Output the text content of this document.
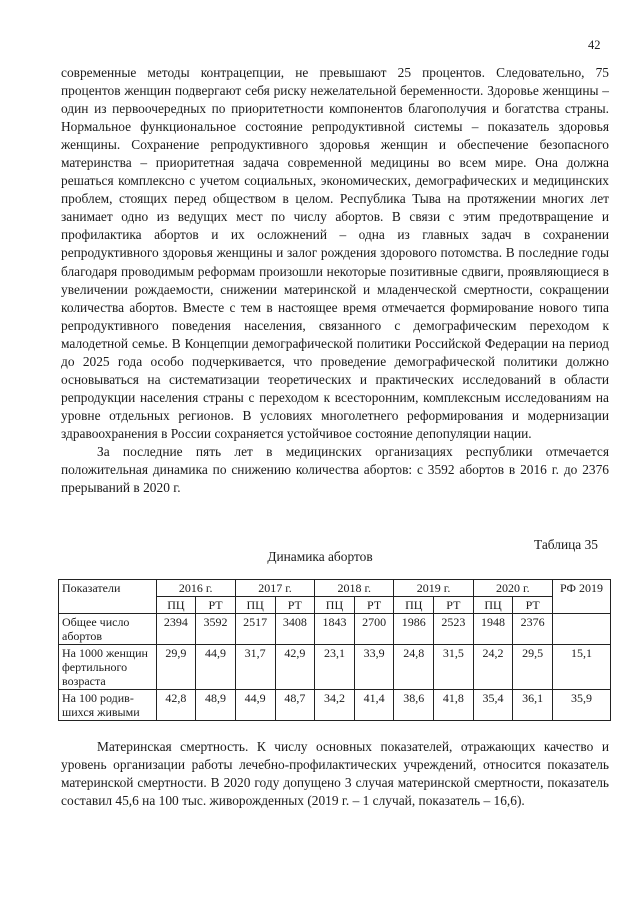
42

современные методы контрацепции, не превышают 25 процентов. Следовательно, 75 процентов женщин подвергают себя риску нежелательной беременности. Здоровье женщины – один из первоочередных по приоритетности компонентов благополучия и богатства страны. Нормальное функциональное состояние репродуктивной системы – показатель здоровья женщины. Сохранение репродуктивного здоровья женщин и обеспечение безопасного материнства – приоритетная задача современной медицины во всем мире. Она должна решаться комплексно с учетом социальных, экономических, демографических и медицинских проблем, стоящих перед обществом в целом. Республика Тыва на протяжении многих лет занимает одно из ведущих мест по числу абортов. В связи с этим предотвращение и профилактика абортов и их осложнений – одна из главных задач в сохранении репродуктивного здоровья женщины и залог рождения здорового потомства. В последние годы благодаря проводимым реформам произошли некоторые позитивные сдвиги, проявляющиеся в увеличении рождаемости, снижении материнской и младенческой смертности, сокращении количества абортов. Вместе с тем в настоящее время отмечается формирование нового типа репродуктивного поведения населения, связанного с демографическим переходом к малодетной семье. В Концепции демографической политики Российской Федерации на период до 2025 года особо подчеркивается, что проведение демографической политики должно основываться на систематизации теоретических и практических исследований в области репродукции населения страны с переходом к всесторонним, комплексным исследованиям на уровне отдельных регионов. В условиях многолетнего реформирования и модернизации здравоохранения в России сохраняется устойчивое состояние депопуляции нации.

За последние пять лет в медицинских организациях республики отмечается положительная динамика по снижению количества абортов: с 3592 абортов в 2016 г. до 2376 прерываний в 2020 г.

Таблица 35
Динамика абортов
Показатели	2016 г.		2017 г.		2018 г.		2019 г.		2020 г.		РФ 2019
	ПЦ	РТ	ПЦ	РТ	ПЦ	РТ	ПЦ	РТ	ПЦ	РТ	
Общее число абортов	2394	3592	2517	3408	1843	2700	1986	2523	1948	2376	
На 1000 женщин фертильного возраста	29,9	44,9	31,7	42,9	23,1	33,9	24,8	31,5	24,2	29,5	15,1
На 100 родив-шихся живыми	42,8	48,9	44,9	48,7	34,2	41,4	38,6	41,8	35,4	36,1	35,9
Материнская смертность. К числу основных показателей, отражающих качество и уровень организации работы лечебно-профилактических учреждений, относится показатель материнской смертности. В 2020 году допущено 3 случая материнской смертности, показатель составил 45,6 на 100 тыс. живорожденных (2019 г. – 1 случай, показатель – 16,6).
